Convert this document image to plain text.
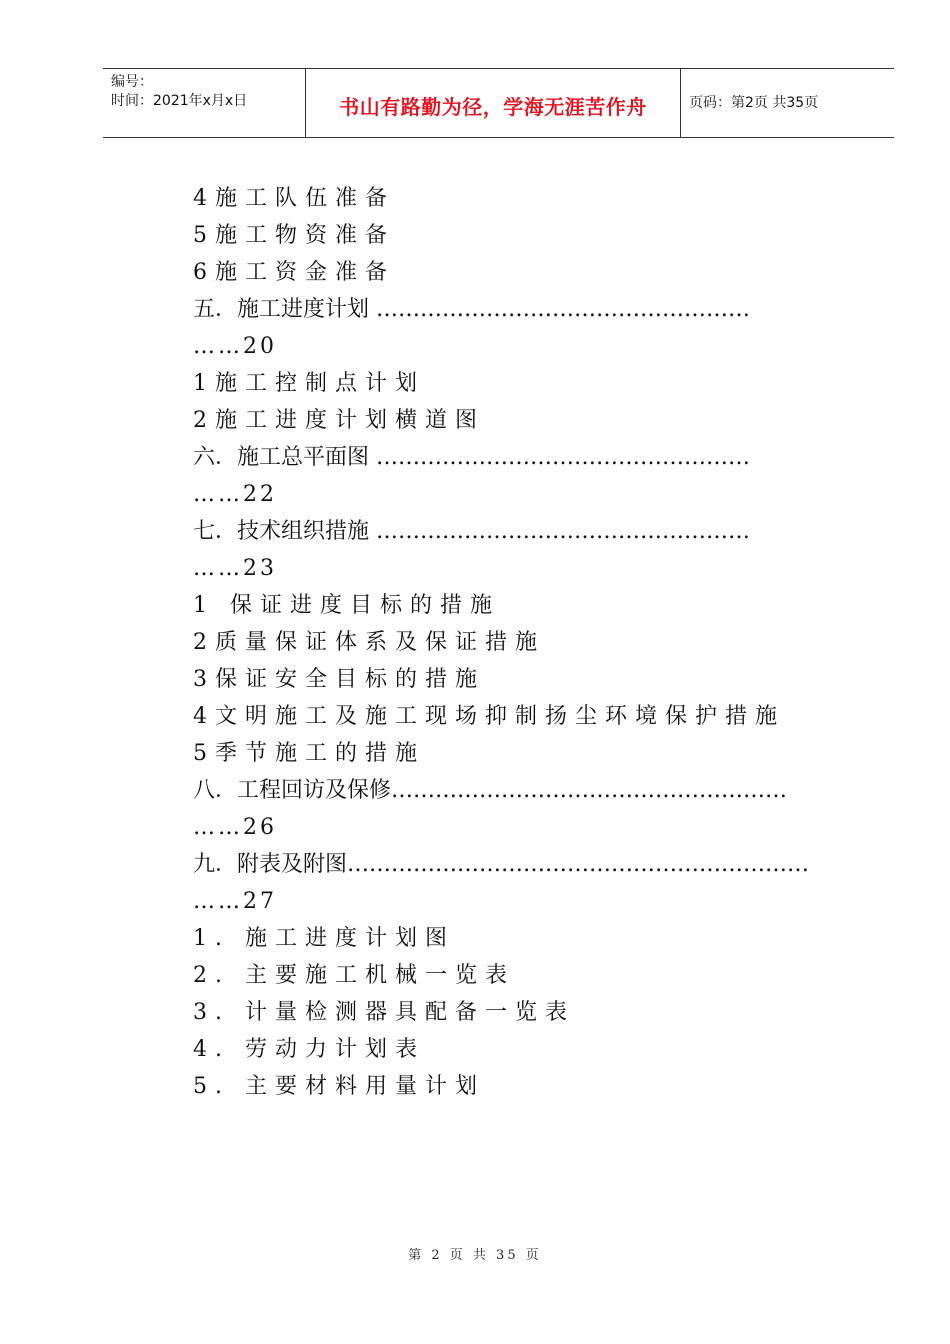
编号：
时间：2021年x月x日	书山有路勤为径，学海无涯苦作舟	页码：第2页 共35页
4施工队伍准备
5施工物资准备
6施工资金准备
五．施工进度计划 ……………………………………………
……20
1施工控制点计划
2施工进度计划横道图
六．施工总平面图 ……………………………………………
……22
七．技术组织措施 ……………………………………………
……23
1 保证进度目标的措施
2质量保证体系及保证措施
3保证安全目标的措施
4文明施工及施工现场抑制扬尘环境保护措施
5季节施工的措施
八．工程回访及保修………………………………………………
……26
九．附表及附图………………………………………………………
……27
1. 施工进度计划图
2. 主要施工机械一览表
3. 计量检测器具配备一览表
4. 劳动力计划表
5. 主要材料用量计划
第 2 页 共 35 页
